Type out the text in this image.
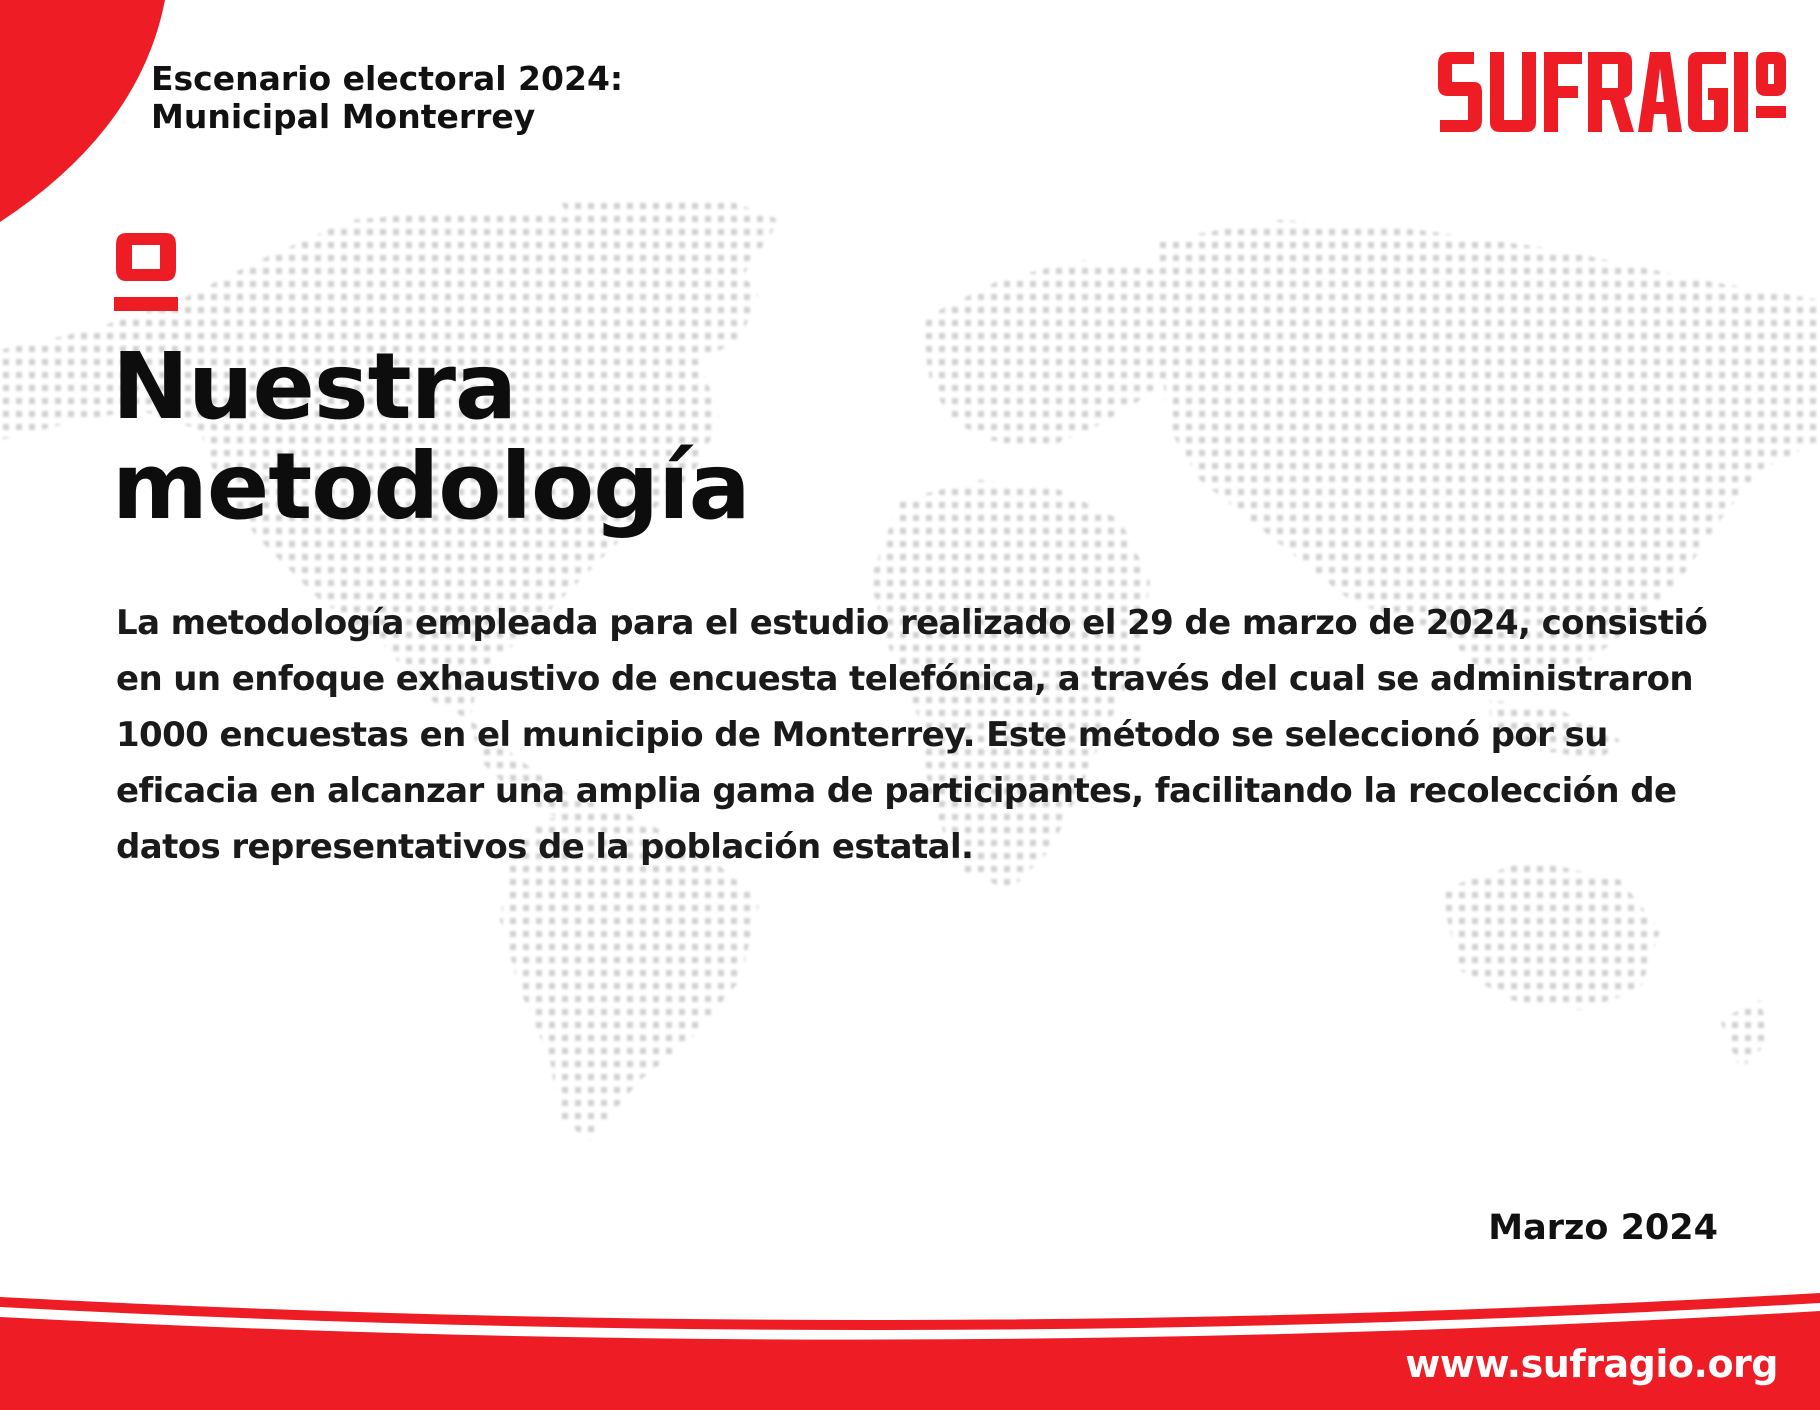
Escenario electoral 2024:
Municipal Monterrey
Nuestra
metodología
La metodología empleada para el estudio realizado el 29 de marzo de 2024, consistió en un enfoque exhaustivo de encuesta telefónica, a través del cual se administraron 1000 encuestas en el municipio de Monterrey. Este método se seleccionó por su eficacia en alcanzar una amplia gama de participantes, facilitando la recolección de datos representativos de la población estatal.
Marzo 2024
www.sufragio.org
